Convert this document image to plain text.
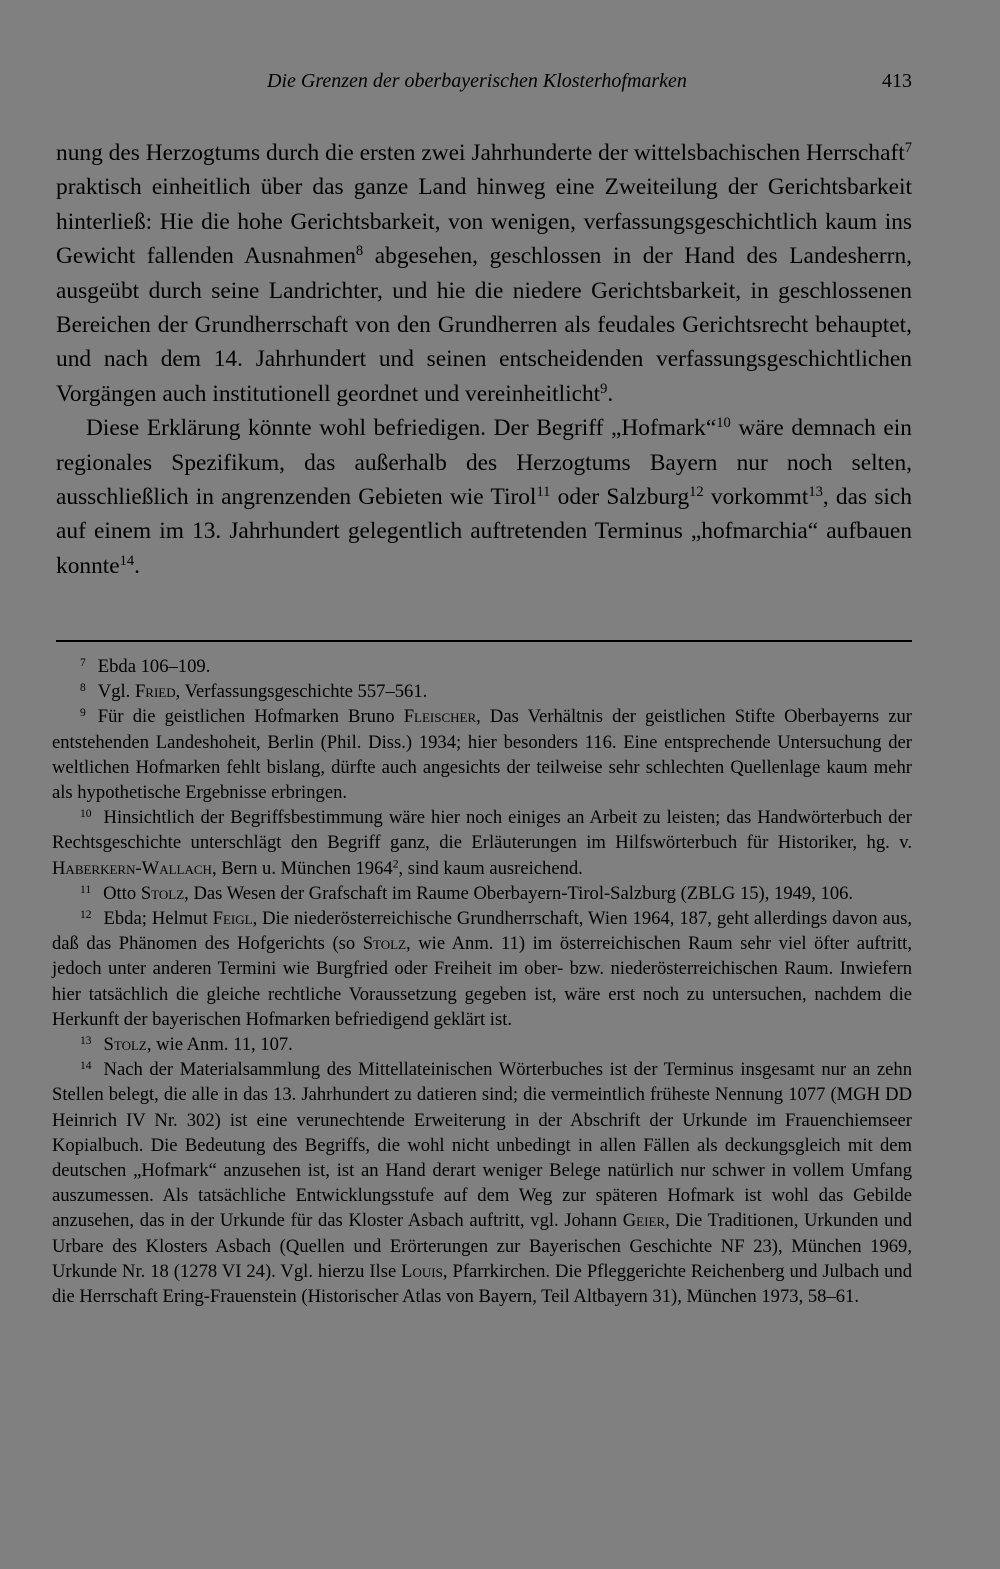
Die Grenzen der oberbayerischen Klosterhofmarken	413

nung des Herzogtums durch die ersten zwei Jahrhunderte der wittelsbachischen Herrschaft$^7$ praktisch einheitlich über das ganze Land hinweg eine Zweiteilung der Gerichtsbarkeit hinterließ: Hie die hohe Gerichtsbarkeit, von wenigen, verfassungsgeschichtlich kaum ins Gewicht fallenden Ausnahmen$^8$ abgesehen, geschlossen in der Hand des Landesherrn, ausgeübt durch seine Landrichter, und hie die niedere Gerichtsbarkeit, in geschlossenen Bereichen der Grundherrschaft von den Grundherren als feudales Gerichtsrecht behauptet, und nach dem 14. Jahrhundert und seinen entscheidenden verfassungsgeschichtlichen Vorgängen auch institutionell geordnet und vereinheitlicht$^9$.

Diese Erklärung könnte wohl befriedigen. Der Begriff „Hofmark“$^{10}$ wäre demnach ein regionales Spezifikum, das außerhalb des Herzogtums Bayern nur noch selten, ausschließlich in angrenzenden Gebieten wie Tirol$^{11}$ oder Salzburg$^{12}$ vorkommt$^{13}$, das sich auf einem im 13. Jahrhundert gelegentlich auftretenden Terminus „hofmarchia“ aufbauen konnte$^{14}$.

$^7$ Ebda 106–109.

$^8$ Vgl. Fried, Verfassungsgeschichte 557–561.

$^9$ Für die geistlichen Hofmarken Bruno Fleischer, Das Verhältnis der geistlichen Stifte Oberbayerns zur entstehenden Landeshoheit, Berlin (Phil. Diss.) 1934; hier besonders 116. Eine entsprechende Untersuchung der weltlichen Hofmarken fehlt bislang, dürfte auch angesichts der teilweise sehr schlechten Quellenlage kaum mehr als hypothetische Ergebnisse erbringen.

$^{10}$ Hinsichtlich der Begriffsbestimmung wäre hier noch einiges an Arbeit zu leisten; das Handwörterbuch der Rechtsgeschichte unterschlägt den Begriff ganz, die Erläuterungen im Hilfswörterbuch für Historiker, hg. v. Haberkern-Wallach, Bern u. München 1964$^2$, sind kaum ausreichend.

$^{11}$ Otto Stolz, Das Wesen der Grafschaft im Raume Oberbayern-Tirol-Salzburg (ZBLG 15), 1949, 106.

$^{12}$ Ebda; Helmut Feigl, Die niederösterreichische Grundherrschaft, Wien 1964, 187, geht allerdings davon aus, daß das Phänomen des Hofgerichts (so Stolz, wie Anm. 11) im österreichischen Raum sehr viel öfter auftritt, jedoch unter anderen Termini wie Burgfried oder Freiheit im ober- bzw. niederösterreichischen Raum. Inwiefern hier tatsächlich die gleiche rechtliche Voraussetzung gegeben ist, wäre erst noch zu untersuchen, nachdem die Herkunft der bayerischen Hofmarken befriedigend geklärt ist.

$^{13}$ Stolz, wie Anm. 11, 107.

$^{14}$ Nach der Materialsammlung des Mittellateinischen Wörterbuches ist der Terminus insgesamt nur an zehn Stellen belegt, die alle in das 13. Jahrhundert zu datieren sind; die vermeintlich früheste Nennung 1077 (MGH DD Heinrich IV Nr. 302) ist eine verunechtende Erweiterung in der Abschrift der Urkunde im Frauenchiemseer Kopialbuch. Die Bedeutung des Begriffs, die wohl nicht unbedingt in allen Fällen als deckungsgleich mit dem deutschen „Hofmark“ anzusehen ist, ist an Hand derart weniger Belege natürlich nur schwer in vollem Umfang auszumessen. Als tatsächliche Entwicklungsstufe auf dem Weg zur späteren Hofmark ist wohl das Gebilde anzusehen, das in der Urkunde für das Kloster Asbach auftritt, vgl. Johann Geier, Die Traditionen, Urkunden und Urbare des Klosters Asbach (Quellen und Erörterungen zur Bayerischen Geschichte NF 23), München 1969, Urkunde Nr. 18 (1278 VI 24). Vgl. hierzu Ilse Louis, Pfarrkirchen. Die Pfleggerichte Reichenberg und Julbach und die Herrschaft Ering-Frauenstein (Historischer Atlas von Bayern, Teil Altbayern 31), München 1973, 58–61.
